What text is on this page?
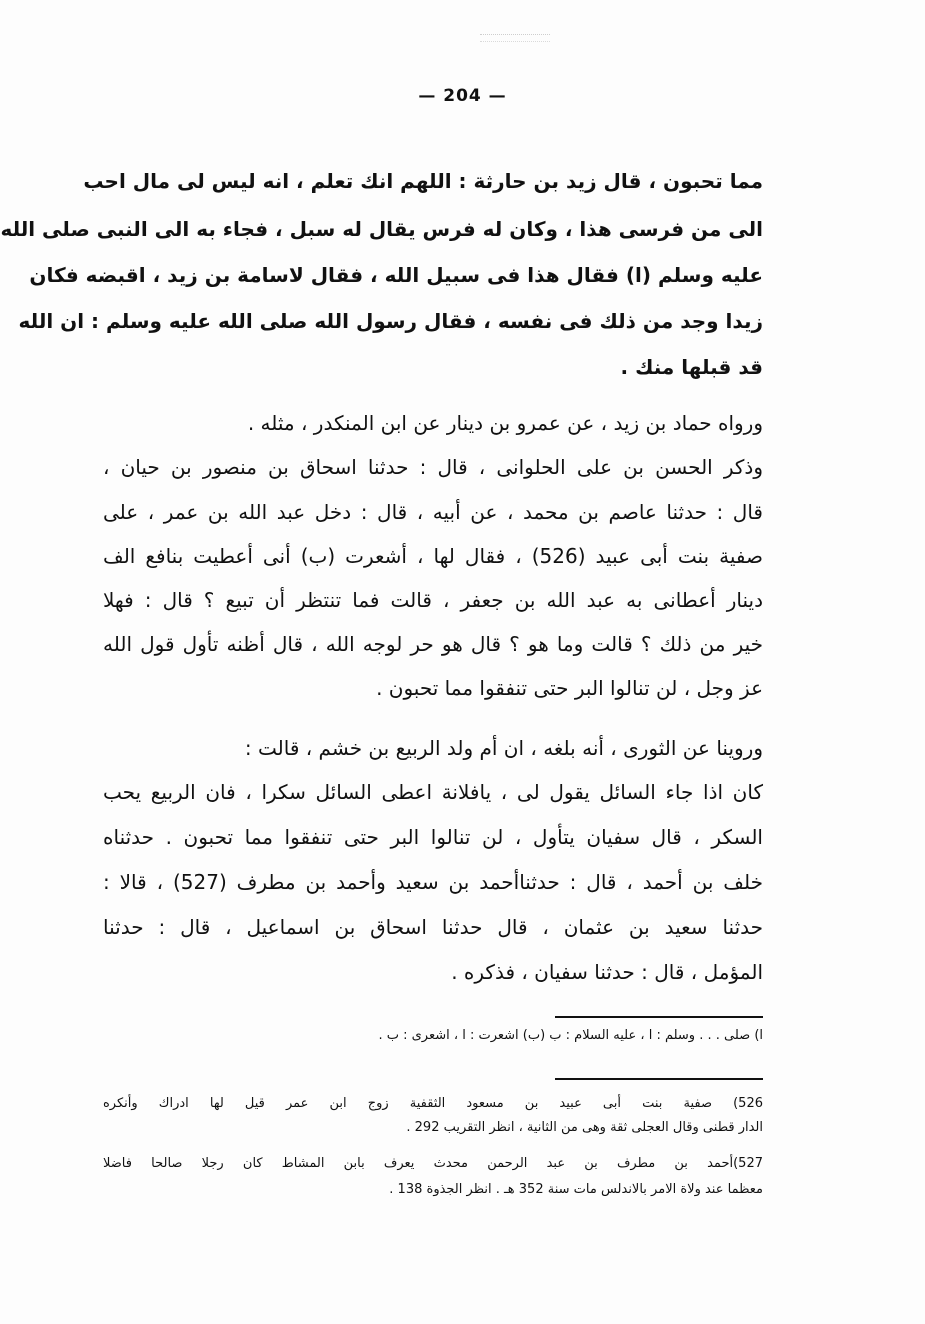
— 204 —
مما تحبون ، قال زيد بن حارثة : اللهم انك تعلم ، انه ليس لى مال احب
الى من فرسى هذا ، وكان له فرس يقال له سبل ، فجاء به الى النبى صلى الله
عليه وسلم (ا) فقال هذا فى سبيل الله ، فقال لاسامة بن زيد ، اقبضه فكان
زيدا وجد من ذلك فى نفسه ، فقال رسول الله صلى الله عليه وسلم : ان الله
قد قبلها منك .
ورواه حماد بن زيد ، عن عمرو بن دينار عن ابن المنكدر ، مثله .
وذكر الحسن بن على الحلوانى ، قال : حدثنا اسحاق بن منصور بن حيان ،
قال : حدثنا عاصم بن محمد ، عن أبيه ، قال : دخل عبد الله بن عمر ، على
صفية بنت أبى عبيد (526) ، فقال لها ، أشعرت (ب) أنى أعطيت بنافع الف
دينار أعطانى به عبد الله بن جعفر ، قالت فما تنتظر أن تبيع ؟ قال : فهلا
خير من ذلك ؟ قالت وما هو ؟ قال هو حر لوجه الله ، قال أظنه تأول قول الله
عز وجل ، لن تنالوا البر حتى تنفقوا مما تحبون .
وروينا عن الثورى ، أنه بلغه ، ان أم ولد الربيع بن خشم ، قالت :
كان اذا جاء السائل يقول لى ، يافلانة اعطى السائل سكرا ، فان الربيع يحب
السكر ، قال سفيان يتأول ، لن تنالوا البر حتى تنفقوا مما تحبون . حدثناه
خلف بن أحمد ، قال : حدثناأحمد بن سعيد وأحمد بن مطرف (527) ، قالا :
حدثنا سعيد بن عثمان ، قال حدثنا اسحاق بن اسماعيل ، قال : حدثنا
المؤمل ، قال : حدثنا سفيان ، فذكره .
ا) صلى . . . وسلم : ا ، عليه السلام : ب (ب) اشعرت : ا ، اشعرى : ب .
526) صفية بنت أبى عبيد بن مسعود الثقفية زوج ابن عمر قيل لها ادراك وأنكره
الدار قطنى وقال العجلى ثقة وهى من الثانية ، انظر التقريب 292 .
527)أحمد بن مطرف بن عبد الرحمن محدث يعرف بابن المشاط كان رجلا صالحا فاضلا
معظما عند ولاة الامر بالاندلس مات سنة 352 هـ . انظر الجذوة 138 .
